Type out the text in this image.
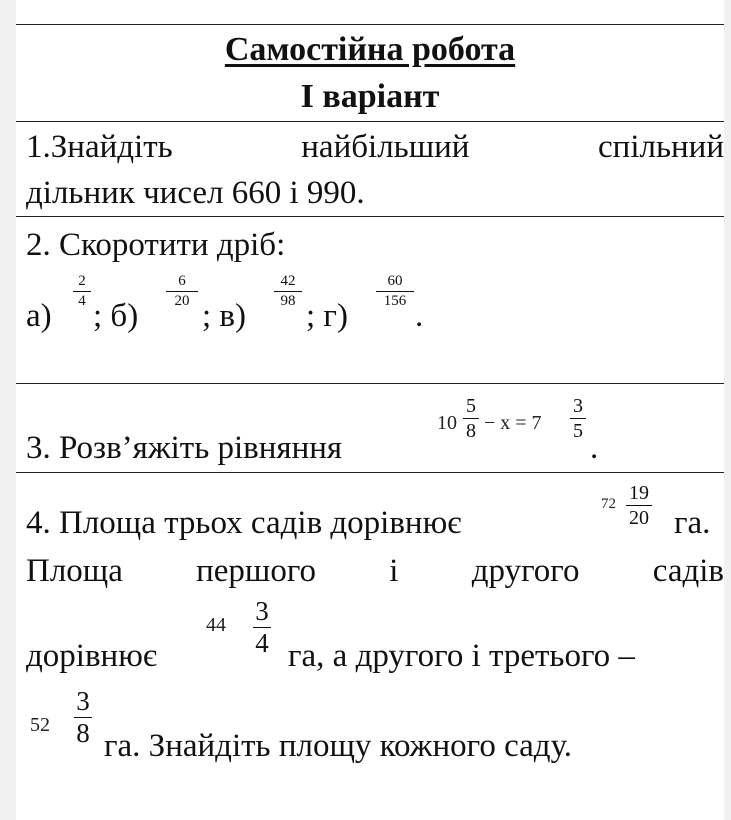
Самостійна робота
І варіант
1.Знайдіть	найбільший	спільний
дільник чисел 660 і 990.
2. Скоротити дріб:
а)
2
4 ; б)
6
20 ; в)
42
98 ; г)
60
156 .
3. Розв’яжіть рівняння
10
5
8 − x = 7
3
5 .
4. Площа трьох садів дорівнює
72 19
20 га.
Площа першого і другого садів
дорівнює
44 3
4 га, а другого і третього –
52
3
8 га. Знайдіть площу кожного саду.
